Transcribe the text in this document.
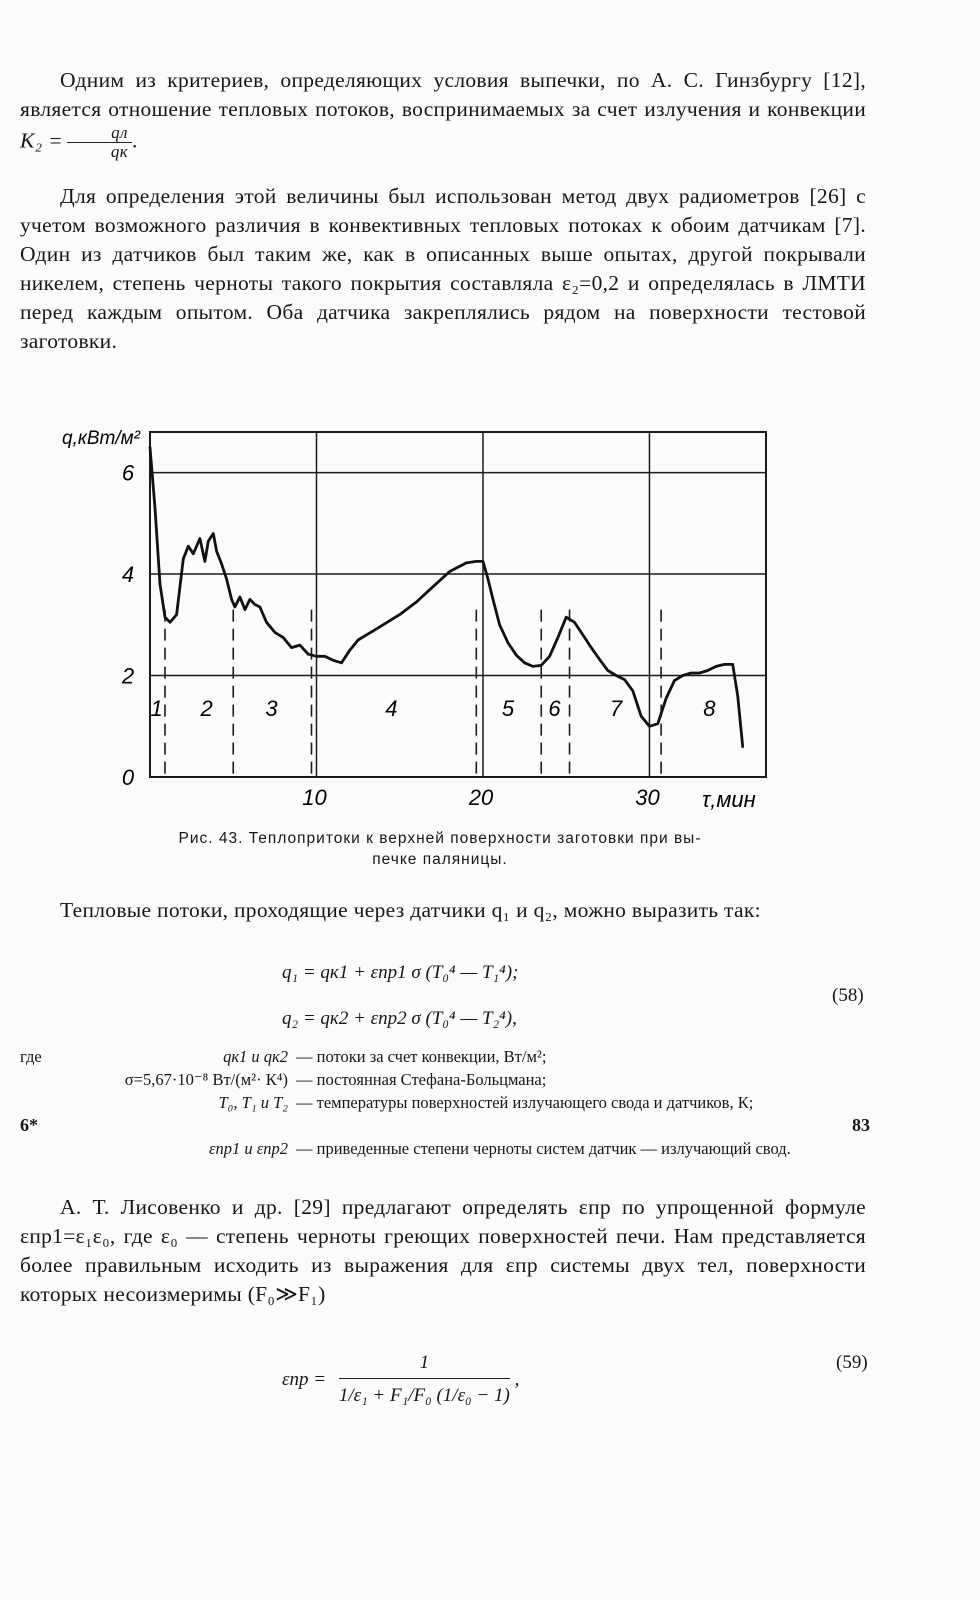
Одним из критериев, определяющих условия выпечки, по А. С. Гинзбургу [12], является отношение тепловых потоков, воспринимаемых за счет излучения и конвекции $K_2 = \frac{qл}{qк}$ .

Для определения этой величины был использован метод двух радиометров [26] с учетом возможного различия в конвективных тепловых потоках к обоим датчикам [7]. Один из датчиков был таким же, как в описанных выше опытах, другой покрывали никелем, степень черноты такого покрытия составляла ε₂=0,2 и определялась в ЛМТИ перед каждым опытом. Оба датчика закреплялись рядом на поверхности тестовой заготовки.

0
2
4
6
10	20	30
q,кВт/м²
τ,мин
1 2 3	4	5 6 7	8
Рис. 43. Теплопритоки к верхней поверхности заготовки при вы-
печке паляницы.

Тепловые потоки, проходящие через датчики q₁ и q₂, можно выразить так:

q₁ = qк1 + εпр1 σ (T₀⁴ — T₁⁴);
q₂ = qк2 + εпр2 σ (T₀⁴ — T₂⁴),
(58)
где	qк1 и qк2 — потоки за счет конвекции, Вт/м²;
σ=5,67·10⁻⁸ Вт/(м²· К⁴) — постоянная Стефана-Больцмана;
T₀, T₁ и T₂ — температуры поверхностей излучающего свода и датчиков, К;
εпр1 и εпр2 — приведенные степени черноты систем датчик — излучающий свод.

А. Т. Лисовенко и др. [29] предлагают определять εпр по упрощенной формуле εпр1=ε₁ε₀, где ε₀ — степень черноты греющих поверхностей печи. Нам представляется более правильным исходить из выражения для εпр системы двух тел, поверхности которых несоизмеримы (F₀≫F₁)

$\varepsilon пр = \frac{1}{\text{1/ε₁ + F₁/F₀ (1/ε₀ − 1)}}$ ,
(59)
6*	83
